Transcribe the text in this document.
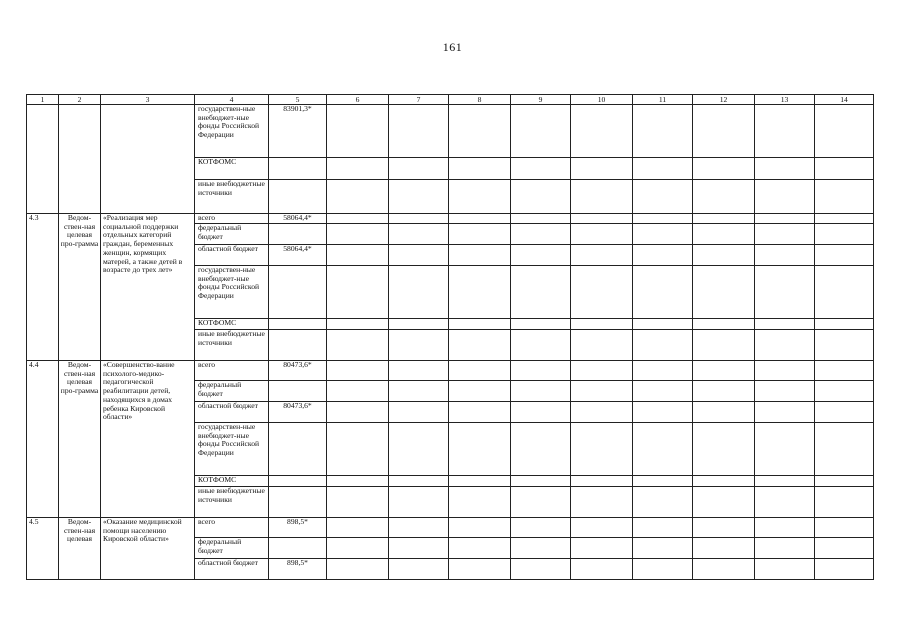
161
1	2	3	4	5	6	7	8	9	10	11	12	13	14
			государствен-ные внебюджет-ные фонды Российской Федерации	83901,3*									
			КОТФОМС										
			иные внебюджетные источники										
4.3	Ведом-ствен-ная целевая про-грамма	«Реализация мер социальной поддержки отдельных категорий граждан, беременных женщин, кормящих матерей, а также детей в возрасте до трех лет»	всего	58064,4*									
			федеральный бюджет										
			областной бюджет	58064,4*									
			государствен-ные внебюджет-ные фонды Российской Федерации										
			КОТФОМС										
			иные внебюджетные источники										
4.4	Ведом-ствен-ная целевая про-грамма	«Совершенство-вание психолого-медико-педагогической реабилитации детей, находящихся в домах ребенка Кировской области»	всего	80473,6*									
			федеральный бюджет										
			областной бюджет	80473,6*									
			государствен-ные внебюджет-ные фонды Российской Федерации										
			КОТФОМС										
			иные внебюджетные источники										
4.5	Ведом-ствен-ная целевая	«Оказание медицинской помощи населению Кировской области»	всего	898,5*									
			федеральный бюджет										
			областной бюджет	898,5*									
